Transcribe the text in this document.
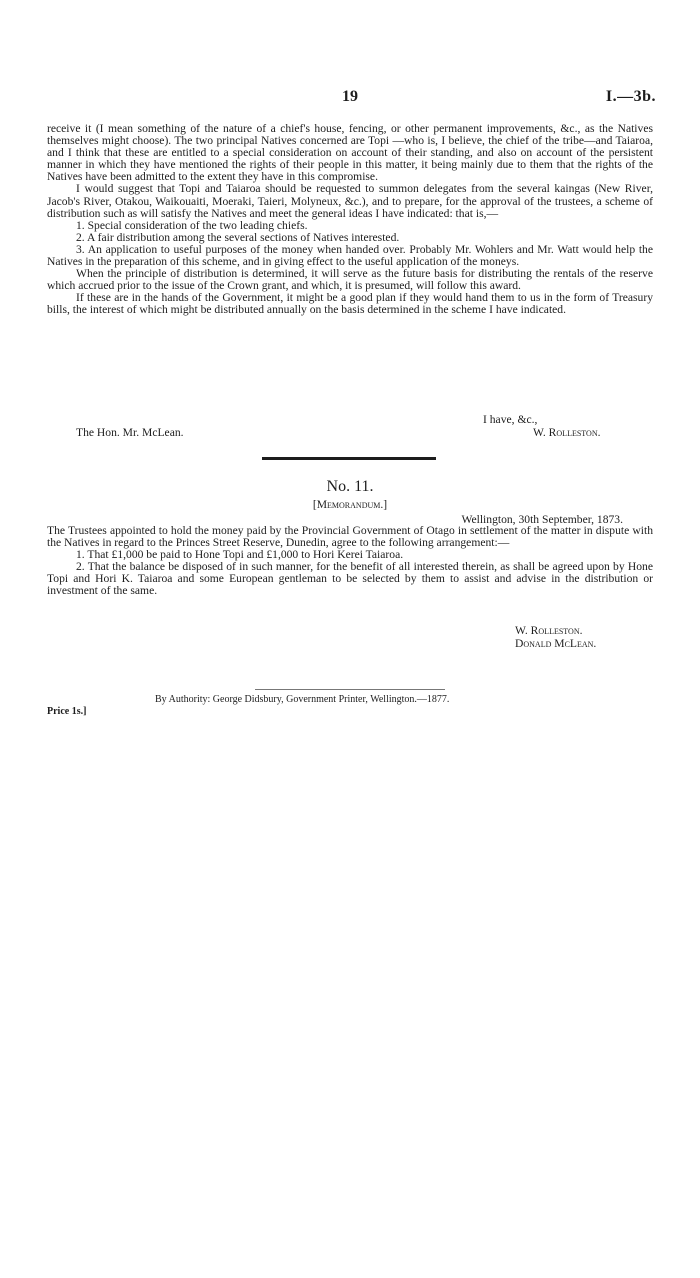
19	I.—3b.

receive it (I mean something of the nature of a chief's house, fencing, or other permanent improvements, &c., as the Natives themselves might choose). The two principal Natives concerned are Topi —who is, I believe, the chief of the tribe—and Taiaroa, and I think that these are entitled to a special consideration on account of their standing, and also on account of the persistent manner in which they have mentioned the rights of their people in this matter, it being mainly due to them that the rights of the Natives have been admitted to the extent they have in this compromise.

I would suggest that Topi and Taiaroa should be requested to summon delegates from the several kaingas (New River, Jacob's River, Otakou, Waikouaiti, Moeraki, Taieri, Molyneux, &c.), and to prepare, for the approval of the trustees, a scheme of distribution such as will satisfy the Natives and meet the general ideas I have indicated: that is,—

1. Special consideration of the two leading chiefs.

2. A fair distribution among the several sections of Natives interested.

3. An application to useful purposes of the money when handed over. Probably Mr. Wohlers and Mr. Watt would help the Natives in the preparation of this scheme, and in giving effect to the useful application of the moneys.

When the principle of distribution is determined, it will serve as the future basis for distributing the rentals of the reserve which accrued prior to the issue of the Crown grant, and which, it is presumed, will follow this award.

If these are in the hands of the Government, it might be a good plan if they would hand them to us in the form of Treasury bills, the interest of which might be distributed annually on the basis determined in the scheme I have indicated.

I have, &c.,
W. Rolleston.
The Hon. Mr. McLean.
No. 11.
[Memorandum.]
Wellington, 30th September, 1873.

The Trustees appointed to hold the money paid by the Provincial Government of Otago in settlement of the matter in dispute with the Natives in regard to the Princes Street Reserve, Dunedin, agree to the following arrangement:—

1. That £1,000 be paid to Hone Topi and £1,000 to Hori Kerei Taiaroa.

2. That the balance be disposed of in such manner, for the benefit of all interested therein, as shall be agreed upon by Hone Topi and Hori K. Taiaroa and some European gentleman to be selected by them to assist and advise in the distribution or investment of the same.

W. Rolleston.
Donald McLean.
By Authority: George Didsbury, Government Printer, Wellington.—1877.
Price 1s.]
